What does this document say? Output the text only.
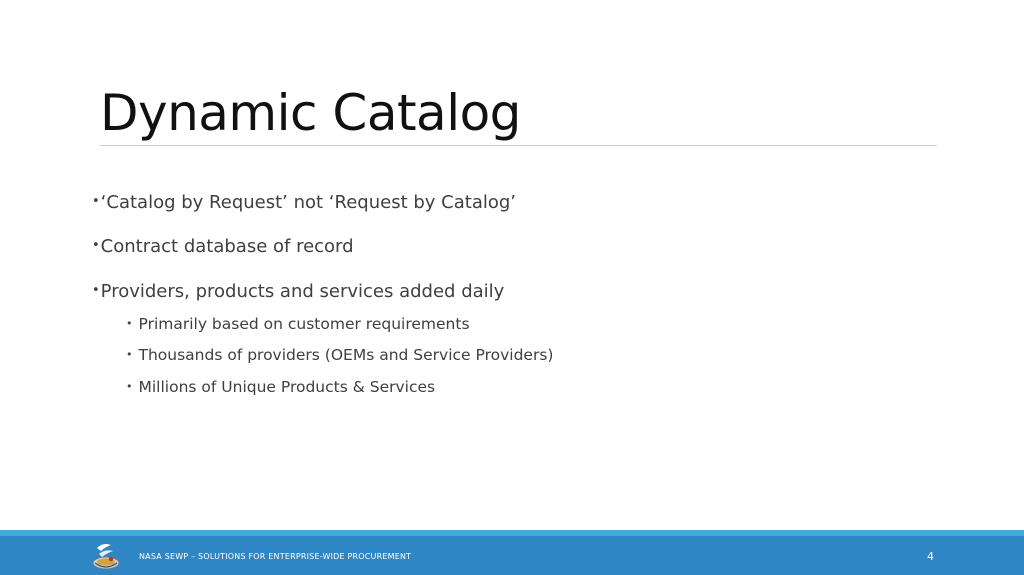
Dynamic Catalog
•‘Catalog by Request’ not ‘Request by Catalog’
•Contract database of record
•Providers, products and services added daily
• Primarily based on customer requirements
• Thousands of providers (OEMs and Service Providers)
• Millions of Unique Products & Services
NASA SEWP – SOLUTIONS FOR ENTERPRISE-WIDE PROCUREMENT	4
